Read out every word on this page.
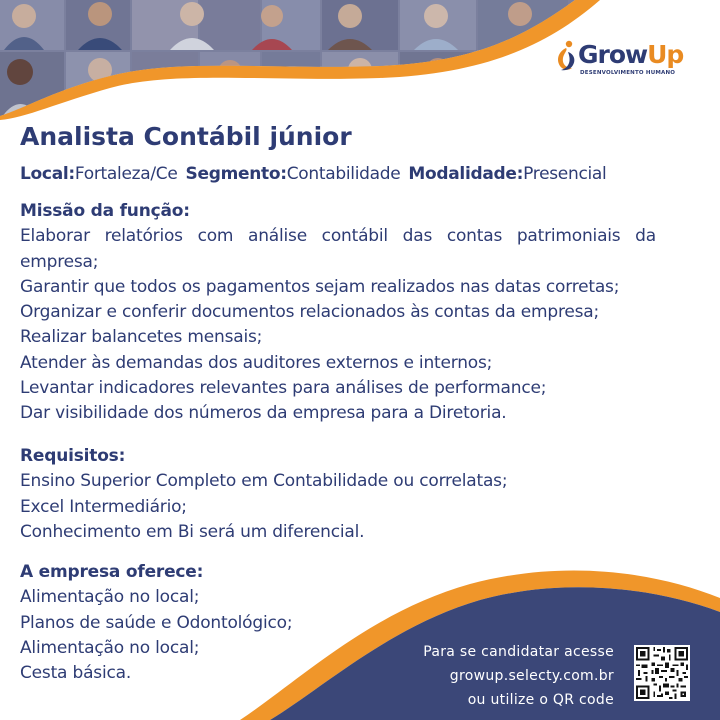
GrowUp
DESENVOLVIMENTO HUMANO
Analista Contábil júnior
Local:Fortaleza/Ce Segmento:Contabilidade Modalidade:Presencial
Missão da função:
Elaborar relatórios com análise contábil das contas patrimoniais da empresa;
Garantir que todos os pagamentos sejam realizados nas datas corretas;
Organizar e conferir documentos relacionados às contas da empresa;
Realizar balancetes mensais;
Atender às demandas dos auditores externos e internos;
Levantar indicadores relevantes para análises de performance;
Dar visibilidade dos números da empresa para a Diretoria.
Requisitos:
Ensino Superior Completo em Contabilidade ou correlatas;
Excel Intermediário;
Conhecimento em Bi será um diferencial.
A empresa oferece:
Alimentação no local;
Planos de saúde e Odontológico;
Alimentação no local;
Cesta básica.
Para se candidatar acesse
growup.selecty.com.br
ou utilize o QR code
